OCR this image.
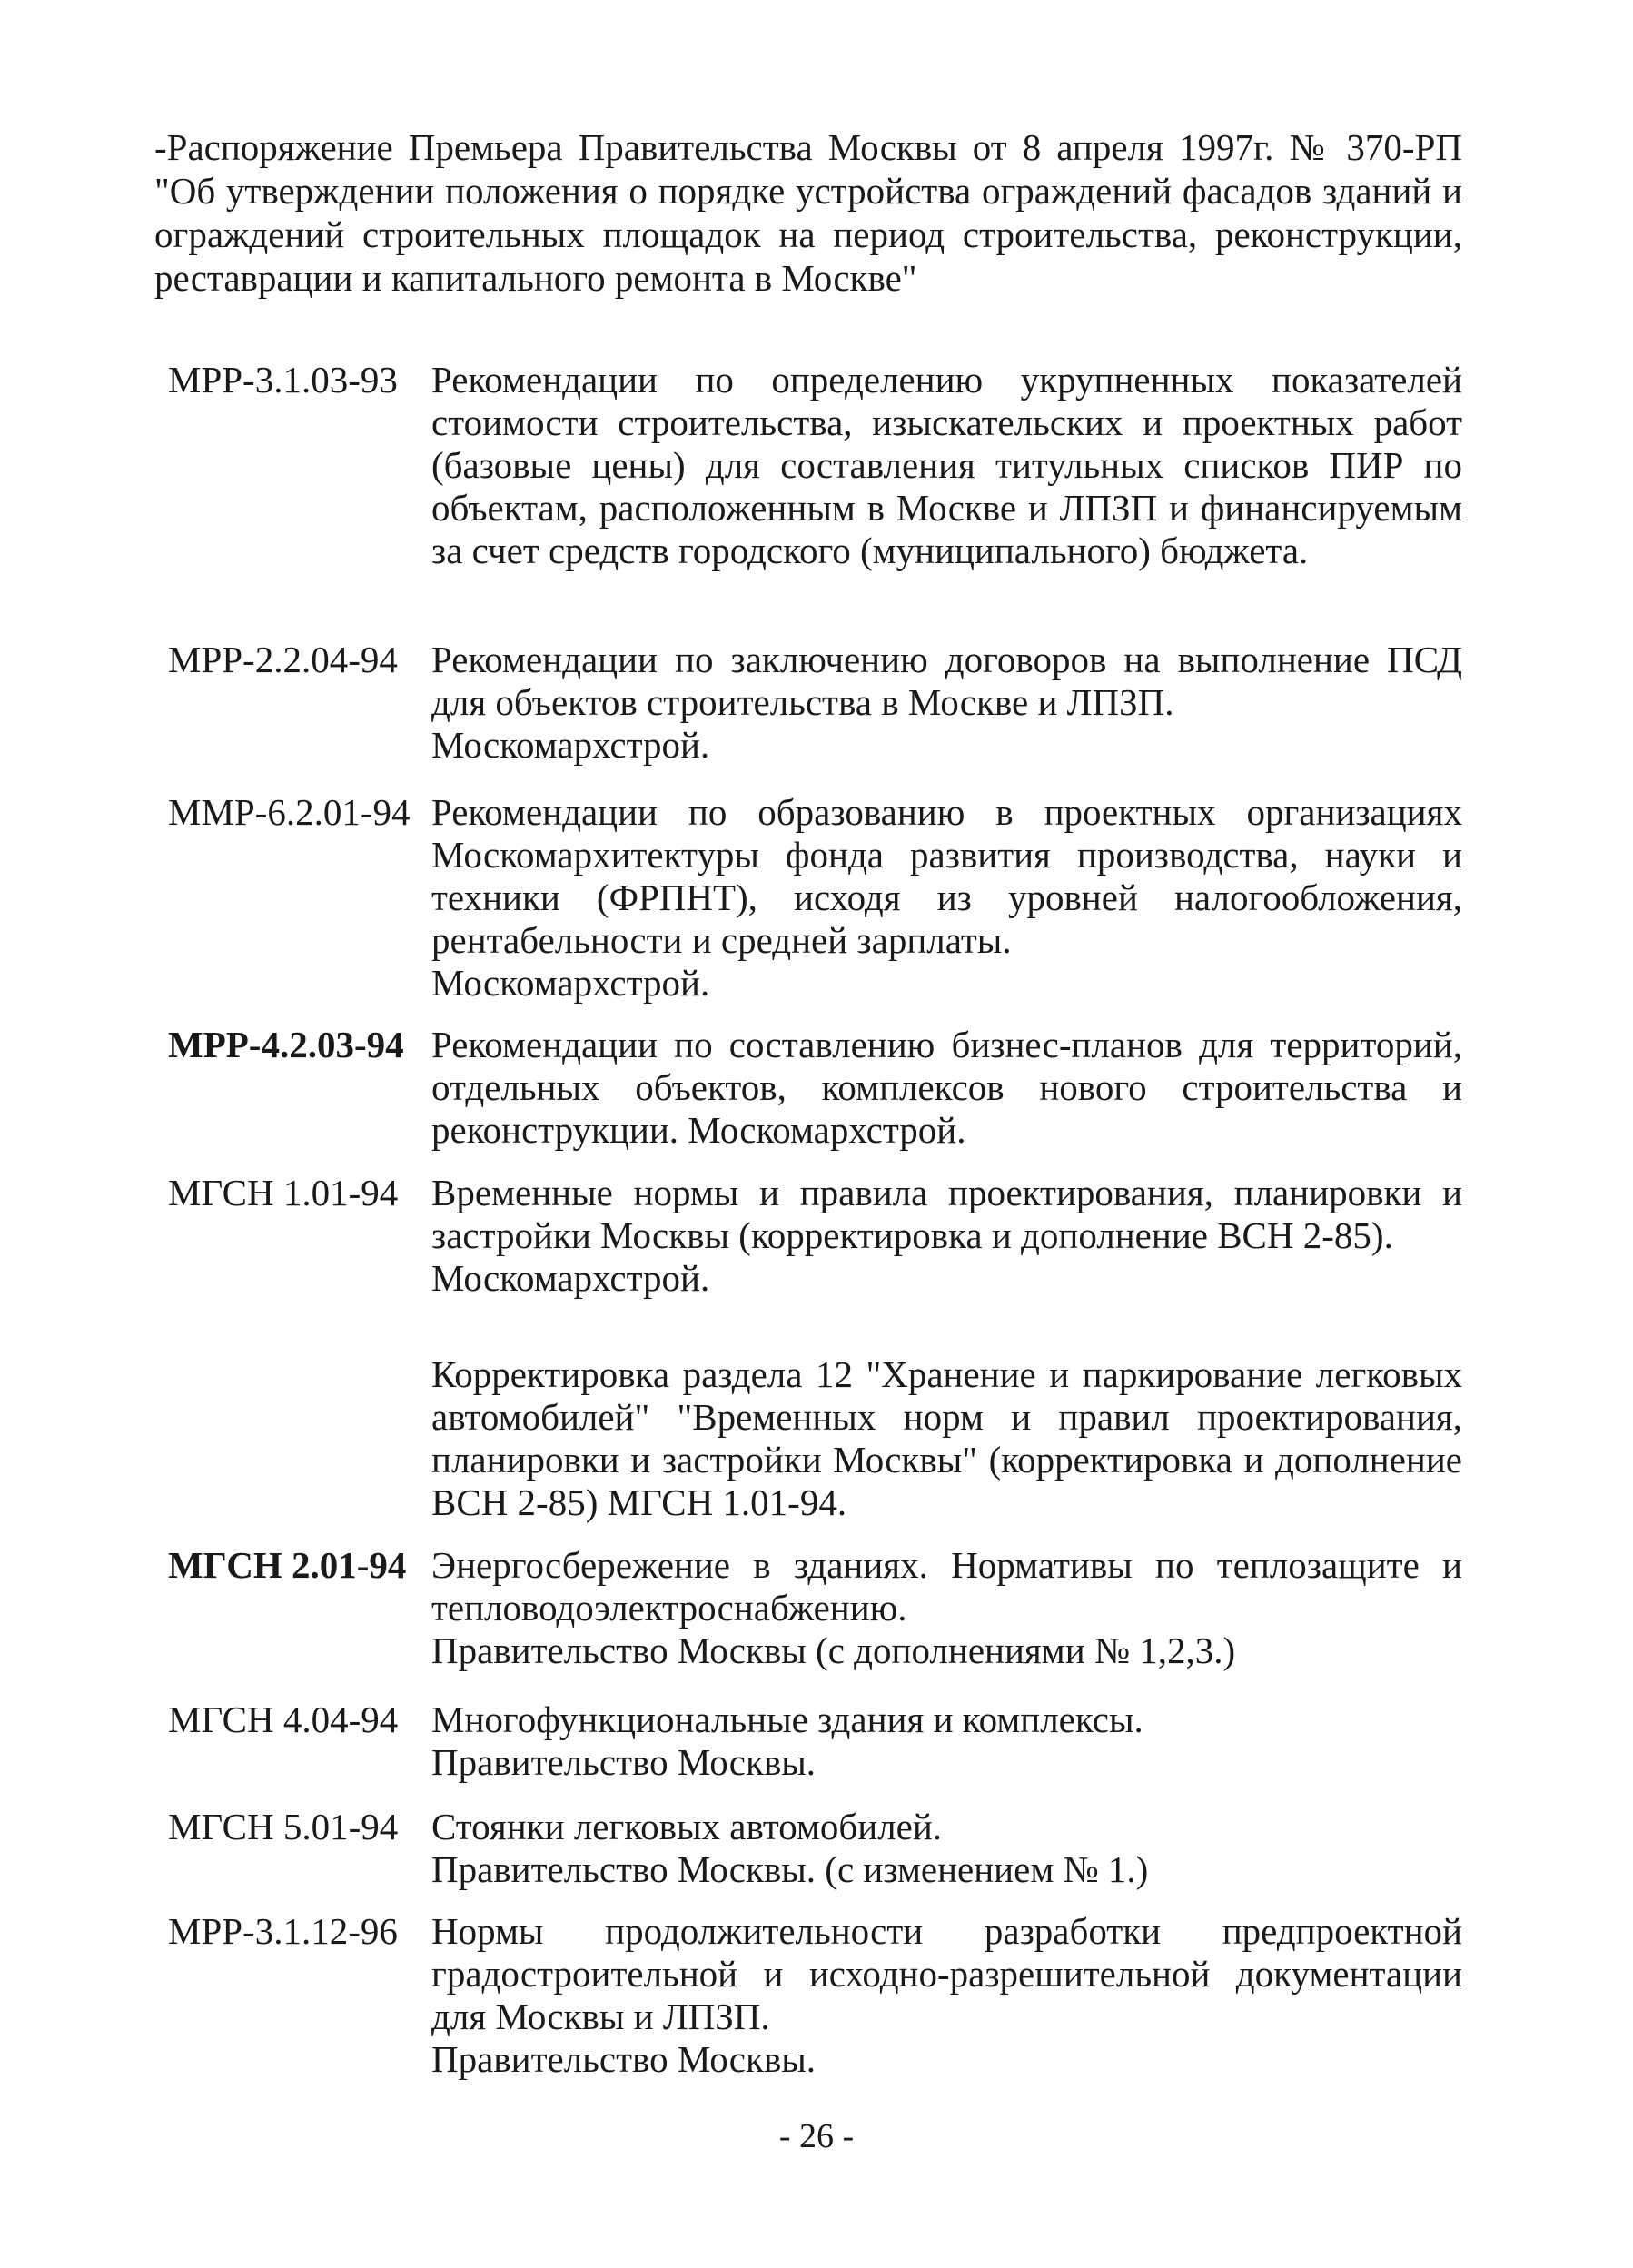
-Распоряжение Премьера Правительства Москвы от 8 апреля 1997г. № 370-РП "Об утверждении положения о порядке устройства ограждений фасадов зданий и ограждений строительных площадок на период строительства, реконструкции, реставрации и капитального ремонта в Москве"
МРР-3.1.03-93 Рекомендации по определению укрупненных показателей стоимости строительства, изыскательских и проектных работ (базовые цены) для составления титульных списков ПИР по объектам, расположенным в Москве и ЛПЗП и финансируемым за счет средств городского (муниципального) бюджета.
МРР-2.2.04-94 Рекомендации по заключению договоров на выполнение ПСД для объектов строительства в Москве и ЛПЗП.
Москомархстрой.
ММР-6.2.01-94 Рекомендации по образованию в проектных организациях Москомархитектуры фонда развития производства, науки и техники (ФРПНТ), исходя из уровней налогообложения, рентабельности и средней зарплаты.
Москомархстрой.
МРР-4.2.03-94 Рекомендации по составлению бизнес-планов для территорий, отдельных объектов, комплексов нового строительства и реконструкции. Москомархстрой.
МГСН 1.01-94 Временные нормы и правила проектирования, планировки и застройки Москвы (корректировка и дополнение ВСН 2-85).
Москомархстрой.
Корректировка раздела 12 "Хранение и паркирование легковых автомобилей" "Временных норм и правил проектирования, планировки и застройки Москвы" (корректировка и дополнение ВСН 2-85) МГСН 1.01-94.
МГСН 2.01-94 Энергосбережение в зданиях. Нормативы по теплозащите и тепловодоэлектроснабжению.
Правительство Москвы (с дополнениями № 1,2,3.)
МГСН 4.04-94 Многофункциональные здания и комплексы.
Правительство Москвы.
МГСН 5.01-94 Стоянки легковых автомобилей.
Правительство Москвы. (с изменением № 1.)
МРР-3.1.12-96 Нормы продолжительности разработки предпроектной градостроительной и исходно-разрешительной документации для Москвы и ЛПЗП.
Правительство Москвы.
- 26 -
